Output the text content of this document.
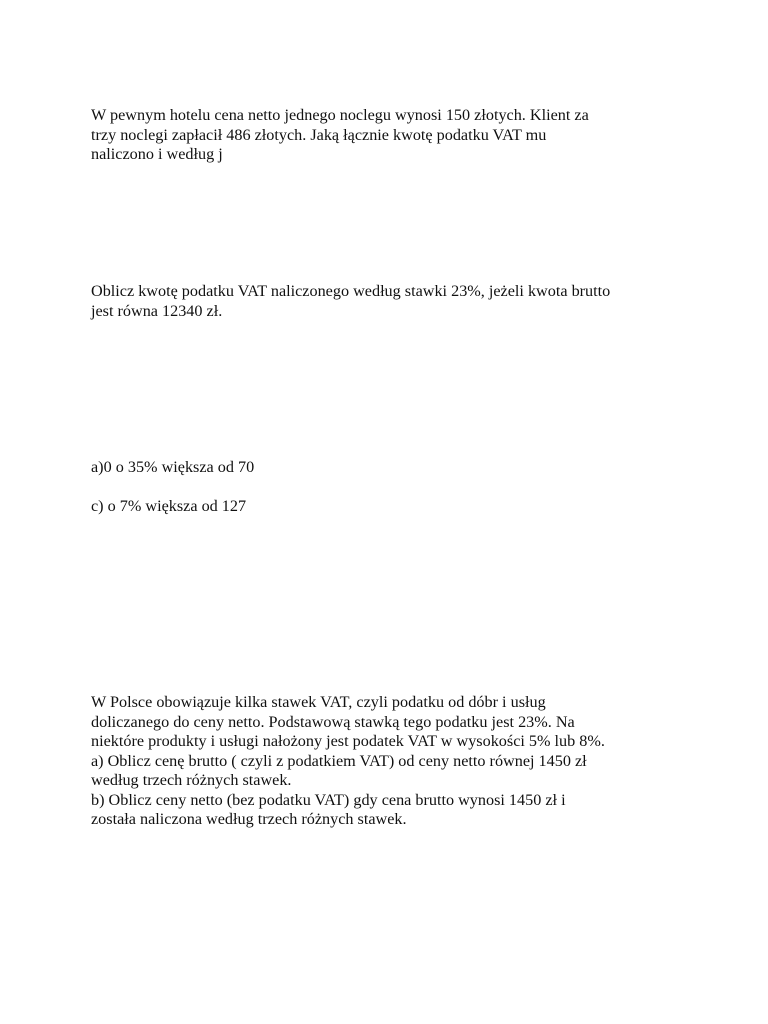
W pewnym hotelu cena netto jednego noclegu wynosi 150 złotych. Klient za
trzy noclegi zapłacił 486 złotych. Jaką łącznie kwotę podatku VAT mu
naliczono i według j

Oblicz kwotę podatku VAT naliczonego według stawki 23%, jeżeli kwota brutto
jest równa 12340 zł.

a)0 o 35% większa od 70

c) o 7% większa od 127

W Polsce obowiązuje kilka stawek VAT, czyli podatku od dóbr i usług
doliczanego do ceny netto. Podstawową stawką tego podatku jest 23%. Na
niektóre produkty i usługi nałożony jest podatek VAT w wysokości 5% lub 8%.
a) Oblicz cenę brutto ( czyli z podatkiem VAT) od ceny netto równej 1450 zł
według trzech różnych stawek.
b) Oblicz ceny netto (bez podatku VAT) gdy cena brutto wynosi 1450 zł i
została naliczona według trzech różnych stawek.
